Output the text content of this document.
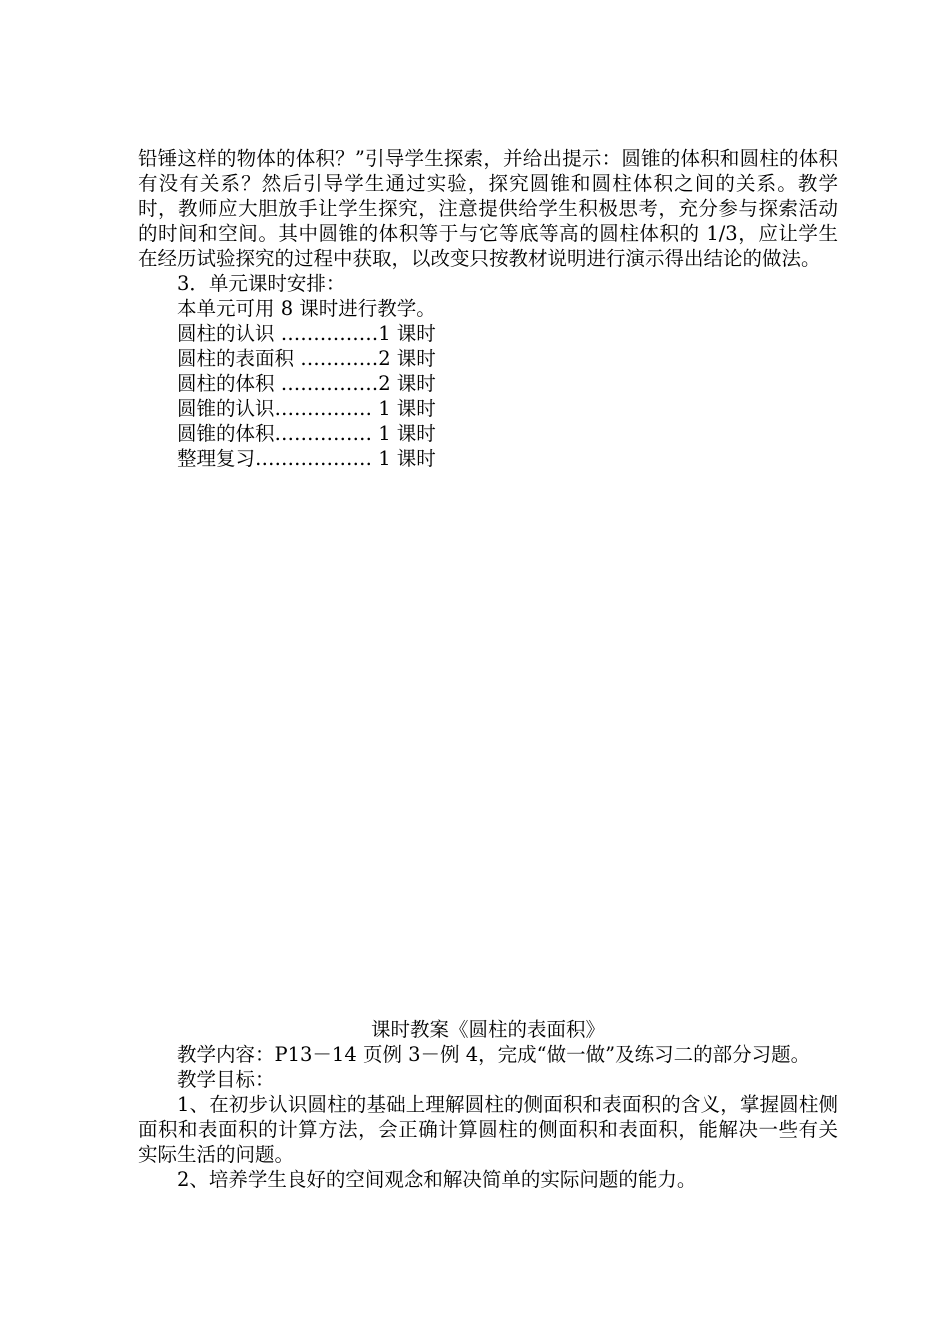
铅锤这样的物体的体积？”引导学生探索，并给出提示：圆锥的体积和圆柱的体积有没有关系？然后引导学生通过实验，探究圆锥和圆柱体积之间的关系。教学时，教师应大胆放手让学生探究，注意提供给学生积极思考，充分参与探索活动的时间和空间。其中圆锥的体积等于与它等底等高的圆柱体积的 1/3，应让学生在经历试验探究的过程中获取，以改变只按教材说明进行演示得出结论的做法。

3．单元课时安排：

本单元可用 8 课时进行教学。

圆柱的认识 ……………1 课时

圆柱的表面积 …………2 课时

圆柱的体积 ……………2 课时

圆锥的认识…………… 1 课时

圆锥的体积…………… 1 课时

整理复习……………… 1 课时

课时教案《圆柱的表面积》

教学内容：P13－14 页例 3－例 4，完成“做一做”及练习二的部分习题。

教学目标：

1、在初步认识圆柱的基础上理解圆柱的侧面积和表面积的含义，掌握圆柱侧面积和表面积的计算方法，会正确计算圆柱的侧面积和表面积，能解决一些有关实际生活的问题。

2、培养学生良好的空间观念和解决简单的实际问题的能力。
